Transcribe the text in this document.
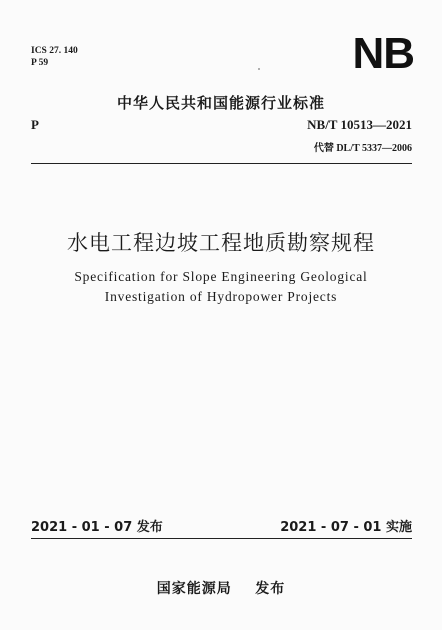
ICS 27. 140
P 59	NB
中华人民共和国能源行业标准
P	NB/T 10513—2021
代替 DL/T 5337—2006
水电工程边坡工程地质勘察规程
Specification for Slope Engineering Geological
Investigation of Hydropower Projects
2021 - 01 - 07 发布	2021 - 07 - 01 实施
国家能源局    发布
